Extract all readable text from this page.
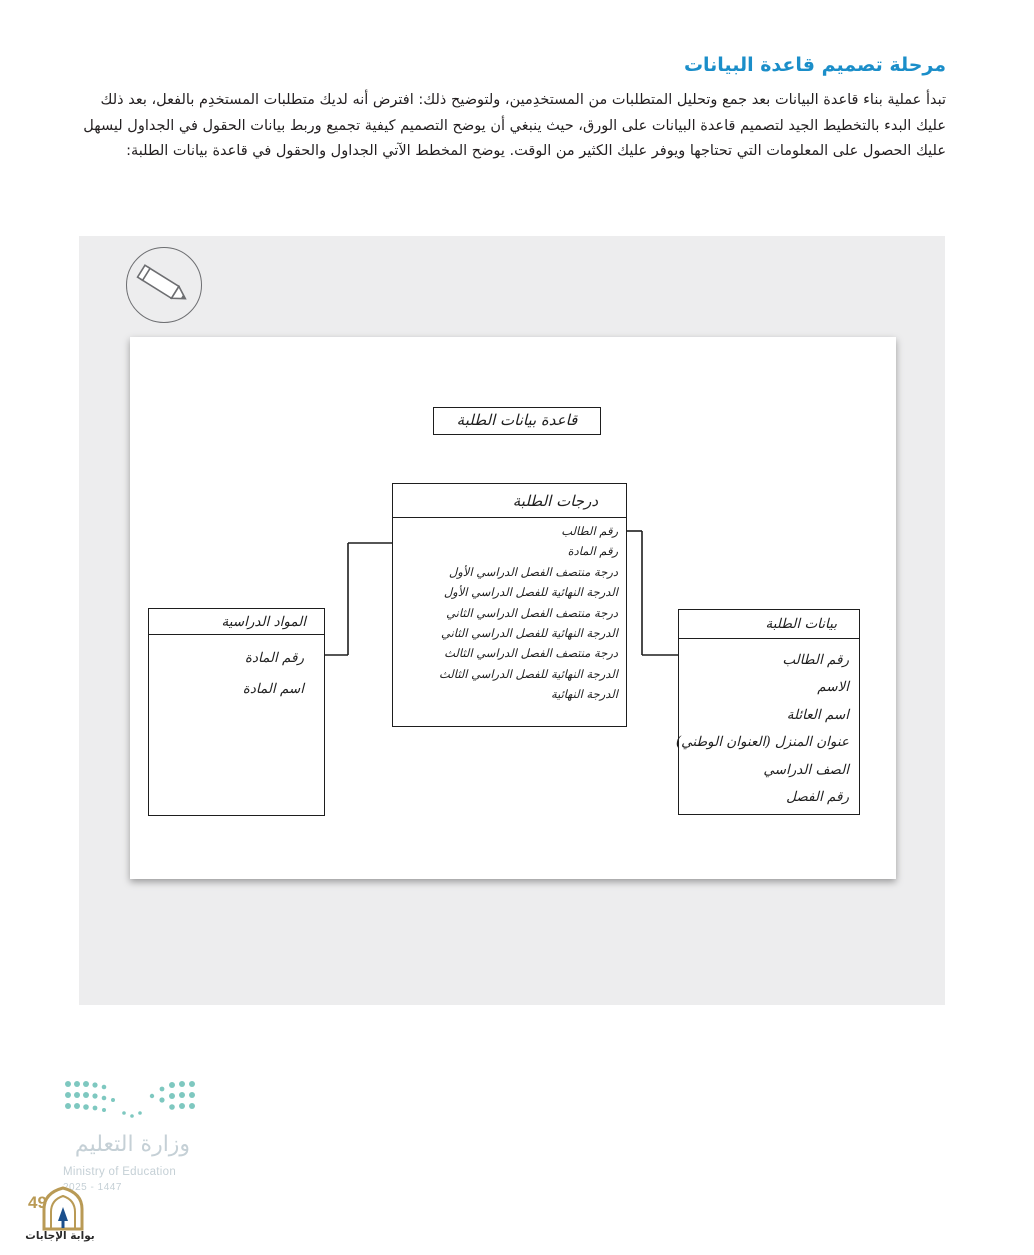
مرحلة تصميم قاعدة البيانات

تبدأ عملية بناء قاعدة البيانات بعد جمع وتحليل المتطلبات من المستخدِمين، ولتوضيح ذلك: افترض أنه لديك متطلبات المستخدِم بالفعل، بعد ذلك عليك البدء بالتخطيط الجيد لتصميم قاعدة البيانات على الورق، حيث ينبغي أن يوضح التصميم كيفية تجميع وربط بيانات الحقول في الجداول ليسهل عليك الحصول على المعلومات التي تحتاجها ويوفر عليك الكثير من الوقت. يوضح المخطط الآتي الجداول والحقول في قاعدة بيانات الطلبة:

قاعدة بيانات الطلبة
درجات الطلبة
رقم الطالب
رقم المادة
درجة منتصف الفصل الدراسي الأول
الدرجة النهائية للفصل الدراسي الأول
درجة منتصف الفصل الدراسي الثاني
الدرجة النهائية للفصل الدراسي الثاني
درجة منتصف الفصل الدراسي الثالث
الدرجة النهائية للفصل الدراسي الثالث
الدرجة النهائية
المواد الدراسية
رقم المادة
اسم المادة
بيانات الطلبة
رقم الطالب
الاسم
اسم العائلة
عنوان المنزل (العنوان الوطني)
الصف الدراسي
رقم الفصل
وزارة التعليم
Ministry of Education
2025 - 1447
49
بوابة الإجابات
